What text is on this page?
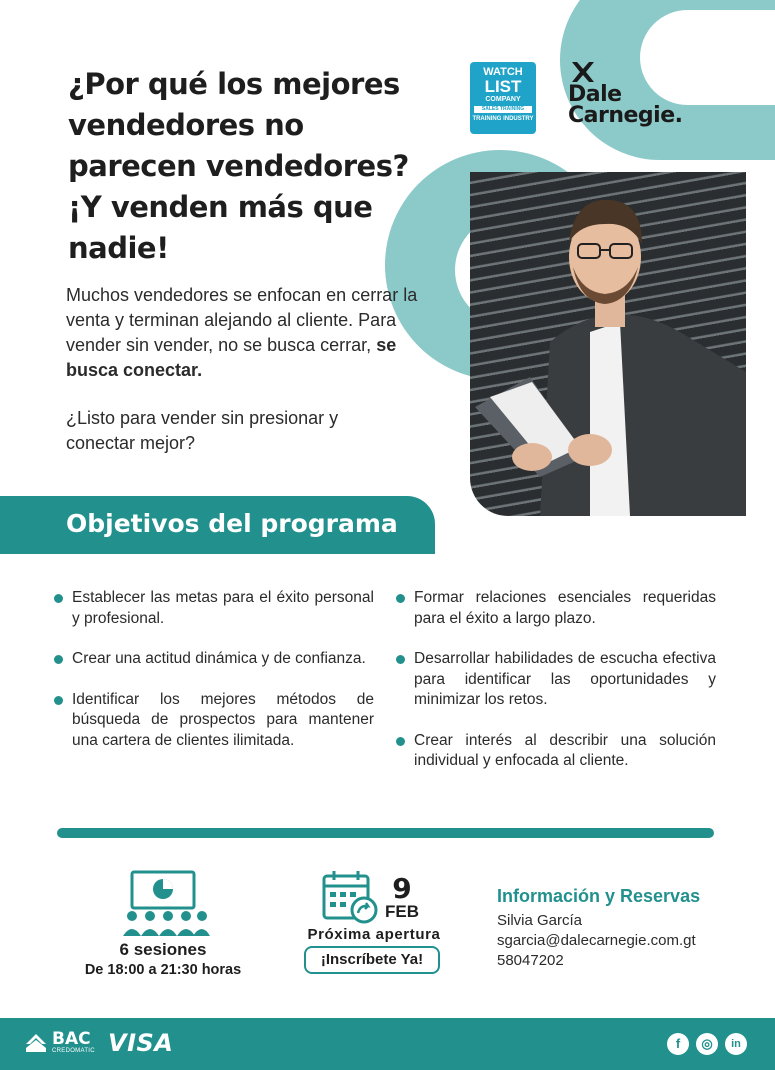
¿Por qué los mejores
vendedores no
parecen vendedores?
¡Y venden más que
nadie!

Muchos vendedores se enfocan en cerrar la venta y terminan alejando al cliente. Para vender sin vender, no se busca cerrar, se busca conectar.

¿Listo para vender sin presionar y conectar mejor?

WATCH
LIST
COMPANY
SALES TRAINING
TRAINING INDUSTRY
Dale
Carnegie.
Objetivos del programa
Establecer las metas para el éxito personal y profesional.
Crear una actitud dinámica y de confianza.
Identificar los mejores métodos de búsqueda de prospectos para mantener una cartera de clientes ilimitada.
Formar relaciones esenciales requeridas para el éxito a largo plazo.
Desarrollar habilidades de escucha efectiva para identificar las oportunidades y minimizar los retos.
Crear interés al describir una solución individual y enfocada al cliente.
6 sesiones
De 18:00 a 21:30 horas
9
FEB
Próxima apertura
¡Inscríbete Ya!
Información y Reservas
Silvia García
sgarcia@dalecarnegie.com.gt
58047202
BAC
CREDOMATIC VISA	f	◎	in
